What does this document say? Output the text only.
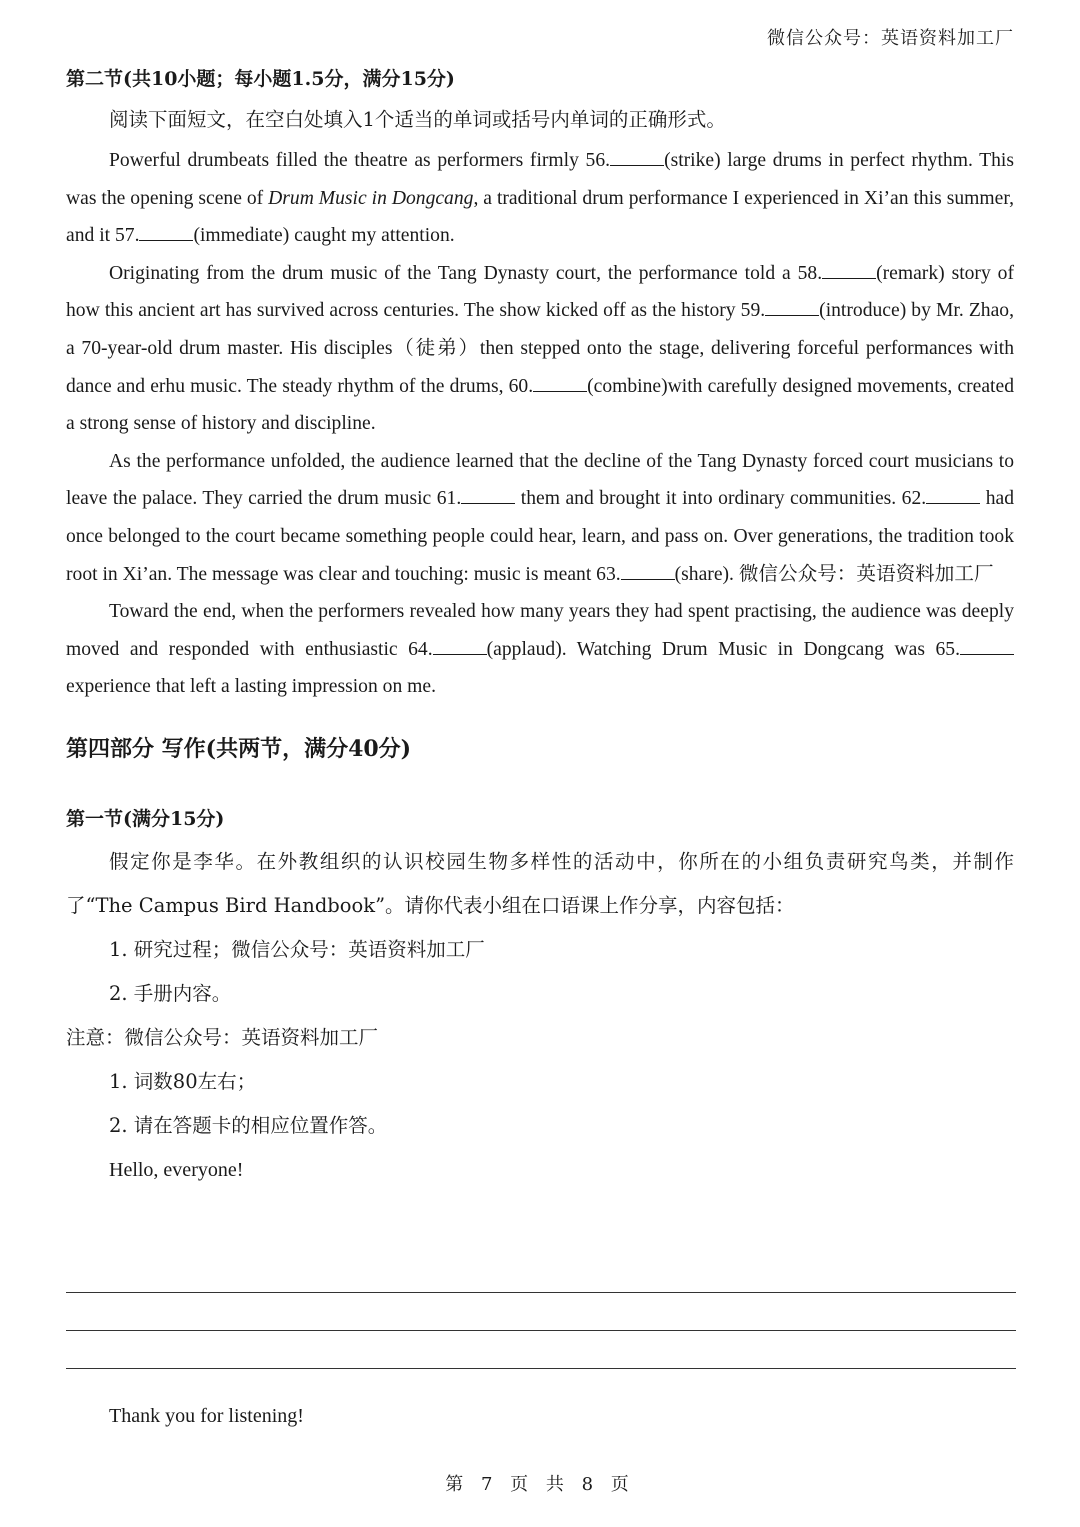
微信公众号：英语资料加工厂

第二节(共10小题；每小题1.5分，满分15分)

阅读下面短文，在空白处填入1个适当的单词或括号内单词的正确形式。

Powerful drumbeats filled the theatre as performers firmly 56.	(strike) large drums in perfect rhythm. This was the opening scene of Drum Music in Dongcang, a traditional drum performance I experienced in Xi’an this summer, and it 57.	(immediate) caught my attention.

Originating from the drum music of the Tang Dynasty court, the performance told a 58.	(remark) story of how this ancient art has survived across centuries. The show kicked off as the history 59.	(introduce) by Mr. Zhao, a 70-year-old drum master. His disciples（徒弟）then stepped onto the stage, delivering forceful performances with dance and erhu music. The steady rhythm of the drums, 60.	(combine)with carefully designed movements, created a strong sense of history and discipline.

As the performance unfolded, the audience learned that the decline of the Tang Dynasty forced court musicians to leave the palace. They carried the drum music 61.	them and brought it into ordinary communities. 62.	had once belonged to the court became something people could hear, learn, and pass on. Over generations, the tradition took root in Xi’an. The message was clear and touching: music is meant 63.	(share). 微信公众号：英语资料加工厂

Toward the end, when the performers revealed how many years they had spent practising, the audience was deeply moved and responded with enthusiastic 64.	(applaud). Watching Drum Music in Dongcang was 65. experience that left a lasting impression on me.

第四部分 写作(共两节，满分40分)

第一节(满分15分)

假定你是李华。在外教组织的认识校园生物多样性的活动中，你所在的小组负责研究鸟类，并制作了“The Campus Bird Handbook”。请你代表小组在口语课上作分享，内容包括：

1. 研究过程；微信公众号：英语资料加工厂

2. 手册内容。

注意：微信公众号：英语资料加工厂

1. 词数80左右；

2. 请在答题卡的相应位置作答。

Hello, everyone!

Thank you for listening!
第 7 页 共 8 页
